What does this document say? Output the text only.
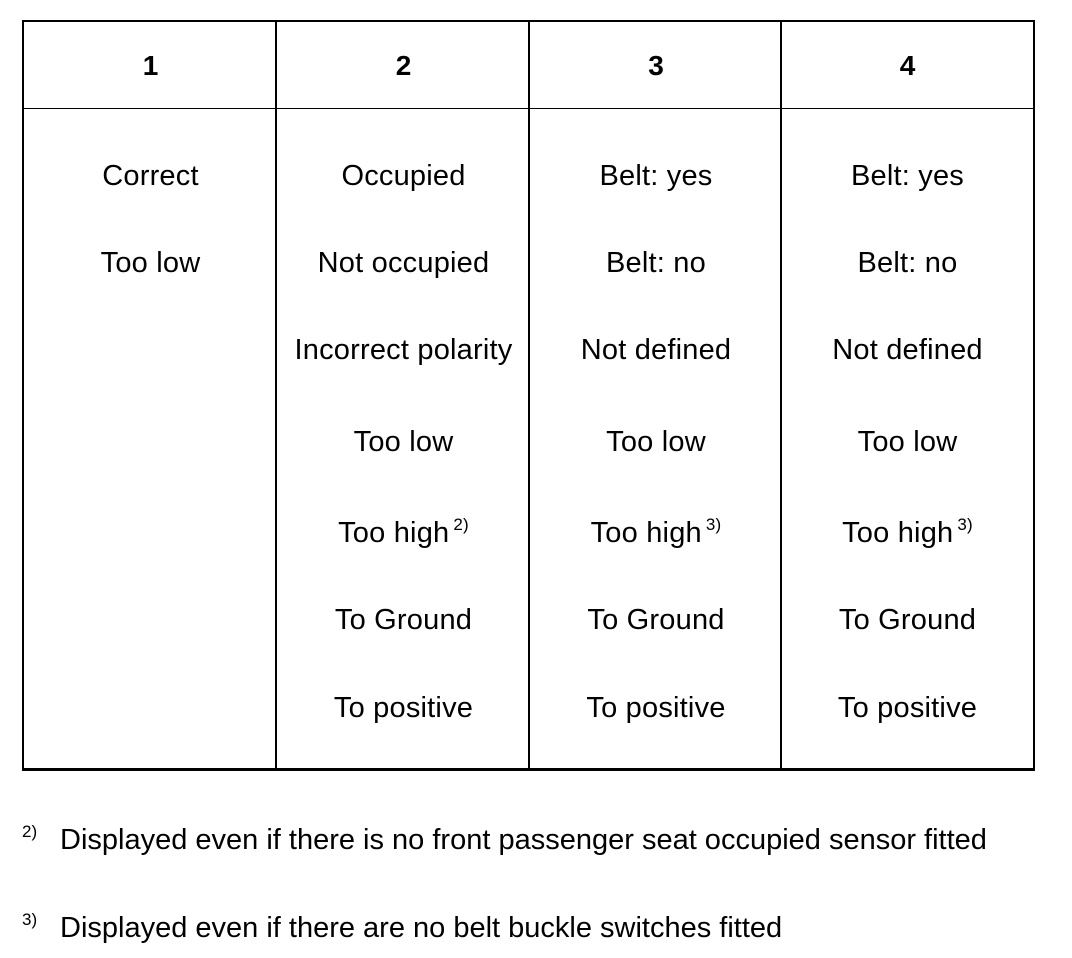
1
Correct
Too low
2
Occupied
Not occupied
Incorrect polarity
Too low
Too high $^{2)}$
To Ground
To positive
3
Belt: yes
Belt: no
Not defined
Too low
Too high $^{3)}$
To Ground
To positive
4
Belt: yes
Belt: no
Not defined
Too low
Too high $^{3)}$
To Ground
To positive
2) Displayed even if there is no front passenger seat occupied sensor fitted
3) Displayed even if there are no belt buckle switches fitted
